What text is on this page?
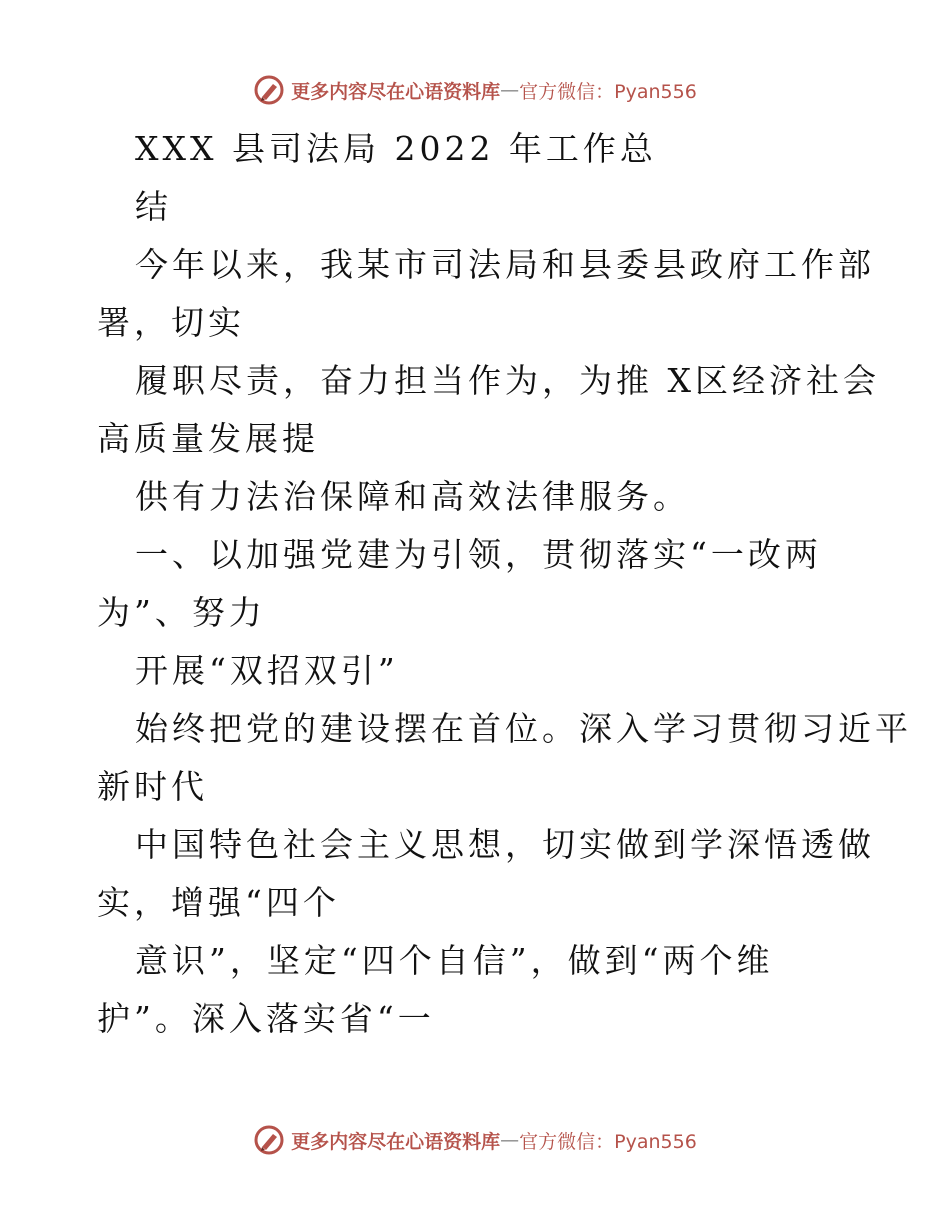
更多内容尽在心语资料库 — 官方微信：Pyan556
XXX 县司法局 2022 年工作总
结
今年以来，我某市司法局和县委县政府工作部
署，切实
履职尽责，奋力担当作为，为推 X区经济社会
高质量发展提
供有力法治保障和高效法律服务。
一、以加强党建为引领，贯彻落实“一改两
为”、努力
开展“双招双引”
始终把党的建设摆在首位。深入学习贯彻习近平
新时代
中国特色社会主义思想，切实做到学深悟透做
实，增强“四个
意识”，坚定“四个自信”，做到“两个维
护”。深入落实省“一
更多内容尽在心语资料库 — 官方微信：Pyan556
